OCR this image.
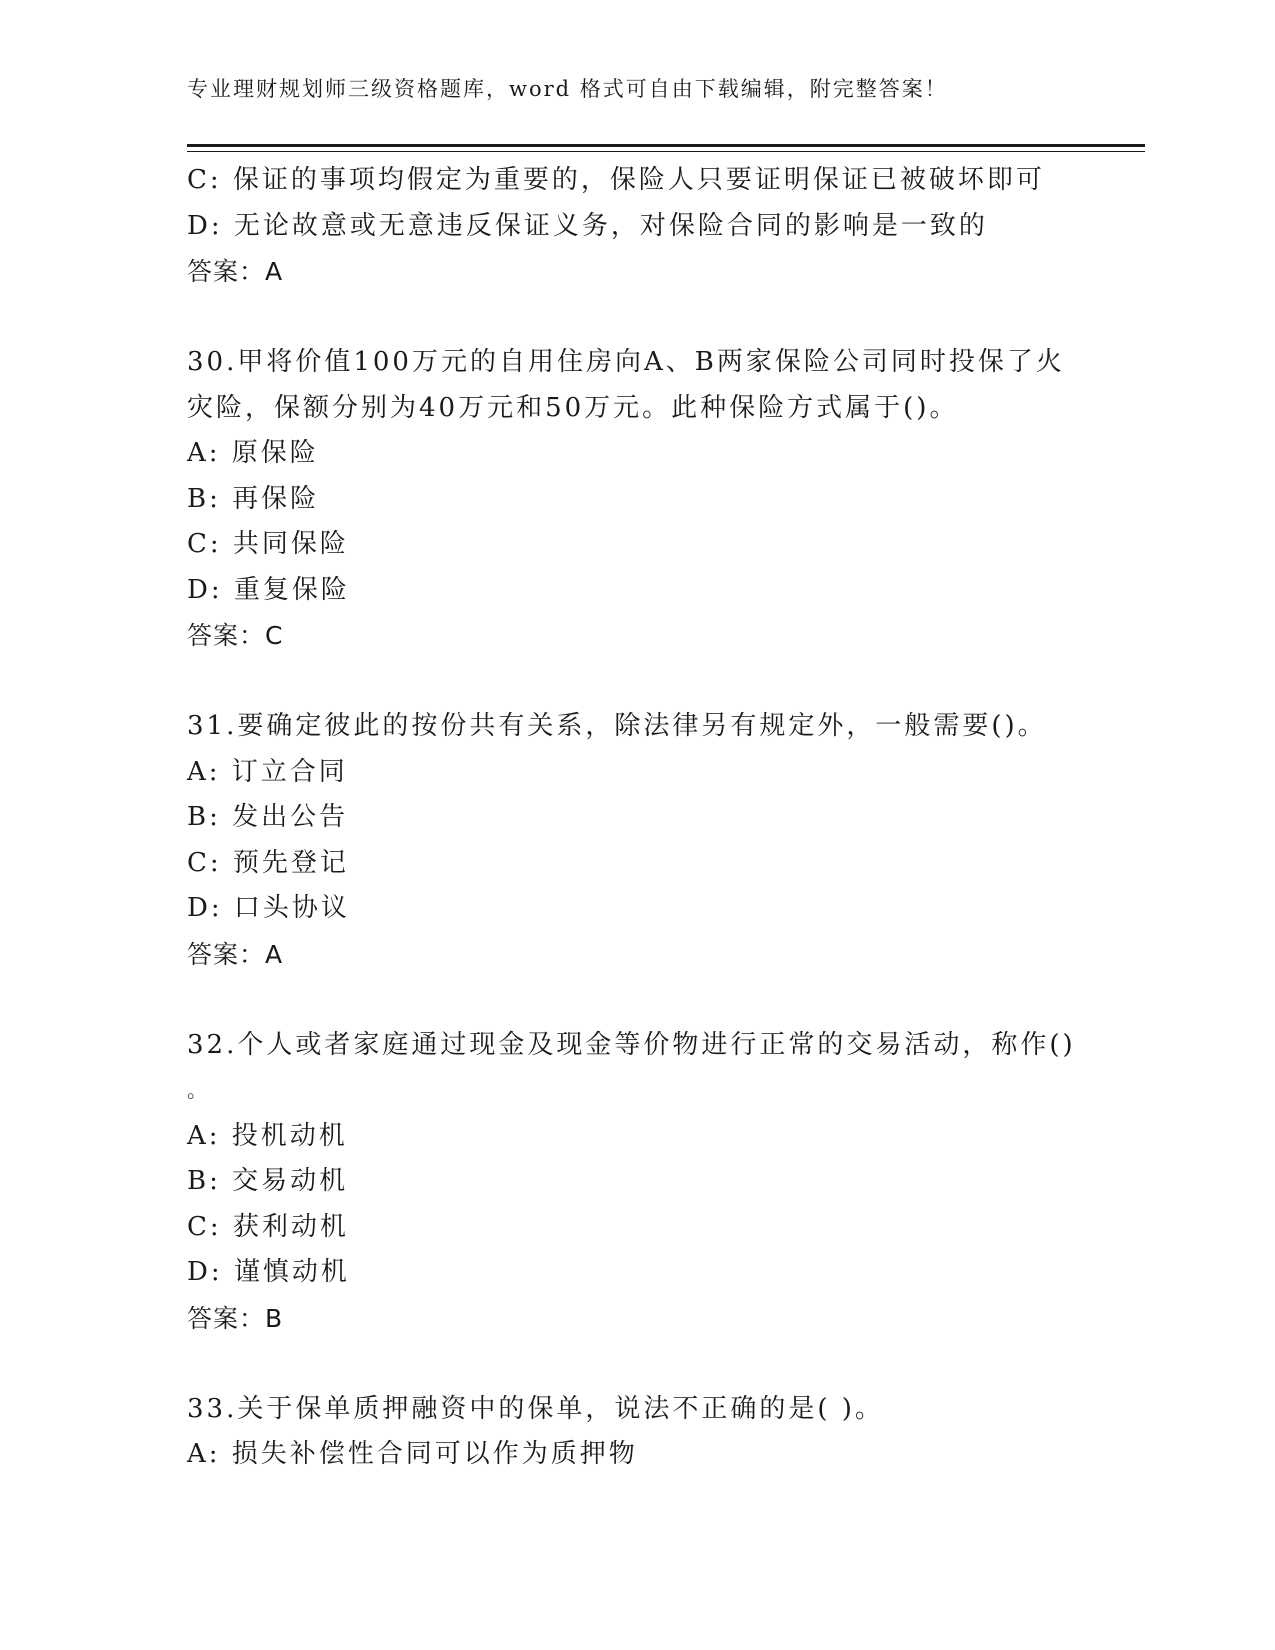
专业理财规划师三级资格题库，word 格式可自由下载编辑，附完整答案！
C: 保证的事项均假定为重要的，保险人只要证明保证已被破坏即可
D: 无论故意或无意违反保证义务，对保险合同的影响是一致的
答案：A
30.甲将价值100万元的自用住房向A、B两家保险公司同时投保了火
灾险，保额分别为40万元和50万元。此种保险方式属于()。
A: 原保险
B: 再保险
C: 共同保险
D: 重复保险
答案：C
31.要确定彼此的按份共有关系，除法律另有规定外，一般需要()。
A: 订立合同
B: 发出公告
C: 预先登记
D: 口头协议
答案：A
32.个人或者家庭通过现金及现金等价物进行正常的交易活动，称作()
。
A: 投机动机
B: 交易动机
C: 获利动机
D: 谨慎动机
答案：B
33.关于保单质押融资中的保单，说法不正确的是( )。
A: 损失补偿性合同可以作为质押物
